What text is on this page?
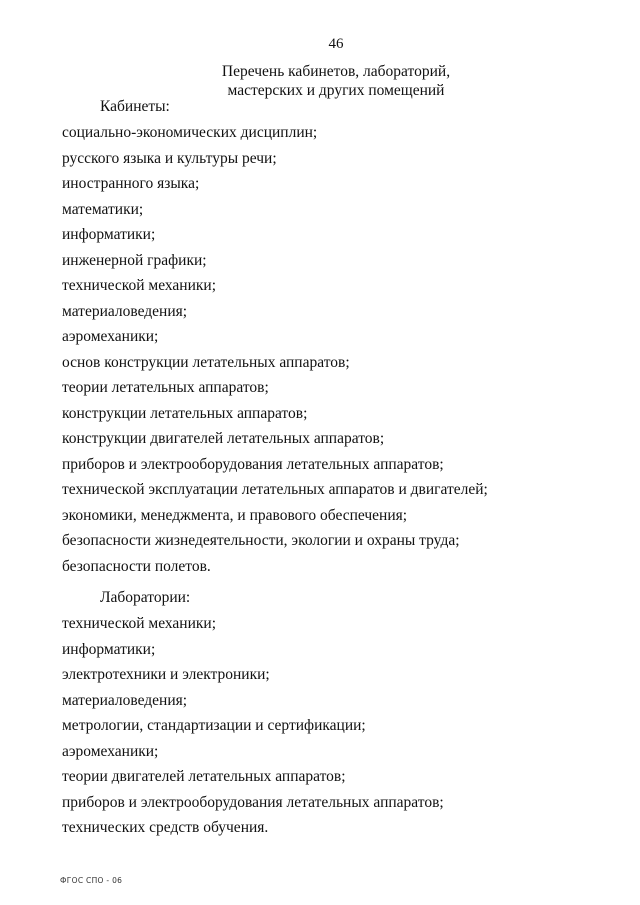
46
Перечень кабинетов, лабораторий,
мастерских и других помещений
Кабинеты:
социально-экономических дисциплин;
русского языка и культуры речи;
иностранного языка;
математики;
информатики;
инженерной графики;
технической механики;
материаловедения;
аэромеханики;
основ конструкции летательных аппаратов;
теории летательных аппаратов;
конструкции летательных аппаратов;
конструкции двигателей летательных аппаратов;
приборов и электрооборудования летательных аппаратов;
технической эксплуатации летательных аппаратов и двигателей;
экономики, менеджмента, и правового обеспечения;
безопасности жизнедеятельности, экологии и охраны труда;
безопасности полетов.
Лаборатории:
технической механики;
информатики;
электротехники и электроники;
материаловедения;
метрологии, стандартизации и сертификации;
аэромеханики;
теории двигателей летательных аппаратов;
приборов и электрооборудования летательных аппаратов;
технических средств обучения.
ФГОС СПО - 06
